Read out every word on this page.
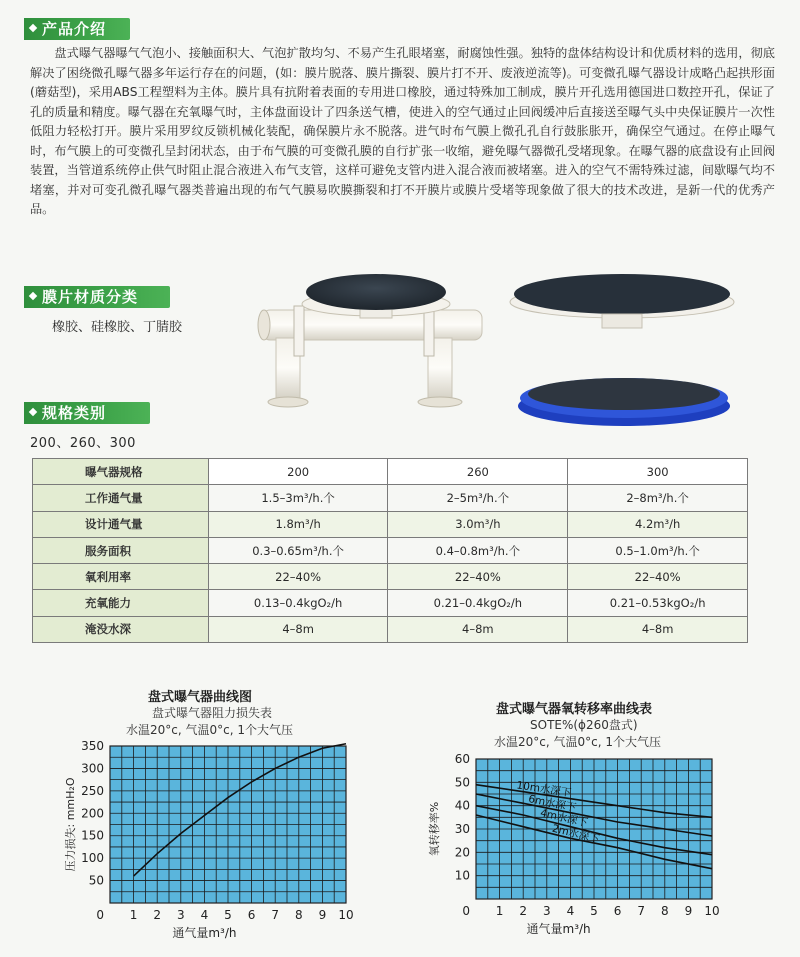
产品介绍
盘式曝气器曝气气泡小、接触面积大、气泡扩散均匀、不易产生孔眼堵塞，耐腐蚀性强。独特的盘体结构设计和优质材料的选用，彻底解决了困绕微孔曝气器多年运行存在的问题，(如：膜片脱落、膜片撕裂、膜片打不开、废液逆流等)。可变微孔曝气器设计成略凸起拱形面(蘑菇型)，采用ABS工程塑料为主体。膜片具有抗附着表面的专用进口橡胶，通过特殊加工制成，膜片开孔选用德国进口数控开孔，保证了孔的质量和精度。曝气器在充氧曝气时，主体盘面设计了四条送气槽，使进入的空气通过止回阀缓冲后直接送至曝气头中央保证膜片一次性低阻力轻松打开。膜片采用罗纹反锁机械化装配，确保膜片永不脱落。进气时布气膜上微孔孔自行鼓胀胀开，确保空气通过。在停止曝气时，布气膜上的可变微孔呈封闭状态，由于布气膜的可变微孔膜的自行扩张一收缩，避免曝气器微孔受堵现象。在曝气器的底盘设有止回阀装置，当管道系统停止供气时阻止混合液进入布气支管，这样可避免支管内进入混合液而被堵塞。进入的空气不需特殊过滤，间歇曝气均不堵塞，并对可变孔微孔曝气器类普遍出现的布气气膜易吹膜撕裂和打不开膜片或膜片受堵等现象做了很大的技术改进，是新一代的优秀产品。
膜片材质分类
橡胶、硅橡胶、丁腈胶
规格类别
200、260、300
曝气器规格	200	260	300
工作通气量	1.5–3m³/h.个	2–5m³/h.个	2–8m³/h.个
设计通气量	1.8m³/h	3.0m³/h	4.2m³/h
服务面积	0.3–0.65m³/h.个	0.4–0.8m³/h.个	0.5–1.0m³/h.个
氧利用率	22–40%	22–40%	22–40%
充氧能力	0.13–0.4kgO₂/h	0.21–0.4kgO₂/h	0.21–0.53kgO₂/h
淹没水深	4–8m	4–8m	4–8m
盘式曝气器曲线图
盘式曝气器阻力损失表
水温20°c, 气温0°c, 1个大气压
盘式曝气器氧转移率曲线表
SOTE%(ϕ260盘式)
水温20°c, 气温0°c, 1个大气压
1 2 3 4 5 6 7 8 9 10
0
50
100
150
200
250
300
350
通气量m³/h
压力损失: mmH₂O
1 2 3 4 5 6 7 8 9 10
0
10
20
30
40
50
60
通气量m³/h
氧转移率%
10m水深下
6m水深下
4m水深下
2m水深下
